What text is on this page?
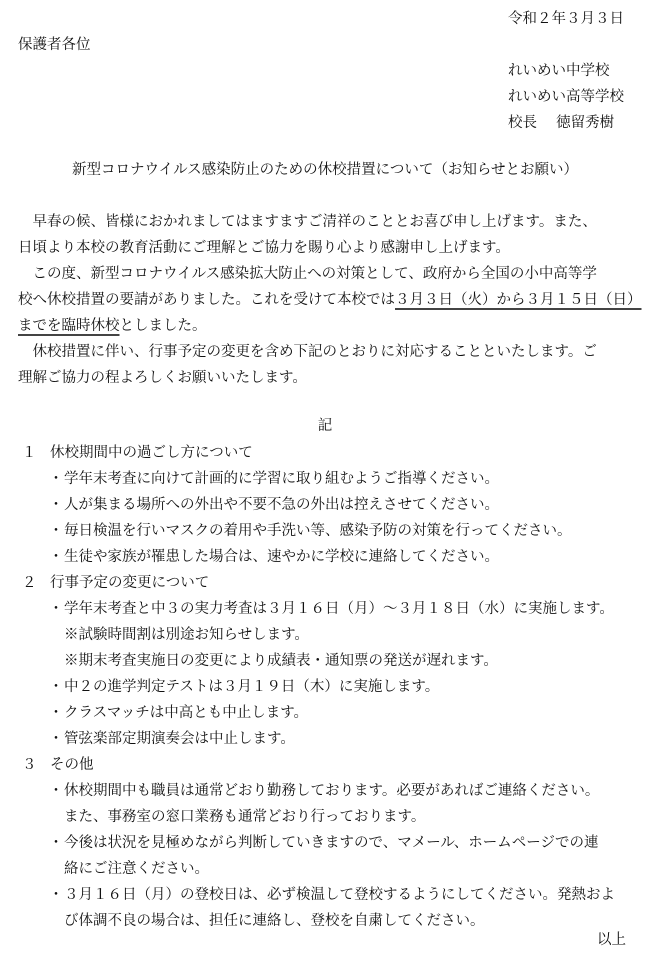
令和２年３月３日
保護者各位
れいめい中学校
れいめい高等学校
校長　 徳留秀樹
新型コロナウイルス感染防止のための休校措置について（お知らせとお願い）
早春の候、皆様におかれましてはますますご清祥のこととお喜び申し上げます。また、
日頃より本校の教育活動にご理解とご協力を賜り心より感謝申し上げます。
この度、新型コロナウイルス感染拡大防止への対策として、政府から全国の小中高等学
校へ休校措置の要請がありました。これを受けて本校では３月３日（火）から３月１５日（日）
までを臨時休校としました。
休校措置に伴い、行事予定の変更を含め下記のとおりに対応することといたします。ご
理解ご協力の程よろしくお願いいたします。
記
１ 休校期間中の過ごし方について
・学年末考査に向けて計画的に学習に取り組むようご指導ください。
・人が集まる場所への外出や不要不急の外出は控えさせてください。
・毎日検温を行いマスクの着用や手洗い等、感染予防の対策を行ってください。
・生徒や家族が罹患した場合は、速やかに学校に連絡してください。
２ 行事予定の変更について
・学年末考査と中３の実力考査は３月１６日（月）～３月１８日（水）に実施します。
※試験時間割は別途お知らせします。
※期末考査実施日の変更により成績表・通知票の発送が遅れます。
・中２の進学判定テストは３月１９日（木）に実施します。
・クラスマッチは中高とも中止します。
・管弦楽部定期演奏会は中止します。
３ その他
・休校期間中も職員は通常どおり勤務しております。必要があればご連絡ください。
また、事務室の窓口業務も通常どおり行っております。
・今後は状況を見極めながら判断していきますので、マメール、ホームページでの連
絡にご注意ください。
・３月１６日（月）の登校日は、必ず検温して登校するようにしてください。発熱およ
び体調不良の場合は、担任に連絡し、登校を自粛してください。
以上
